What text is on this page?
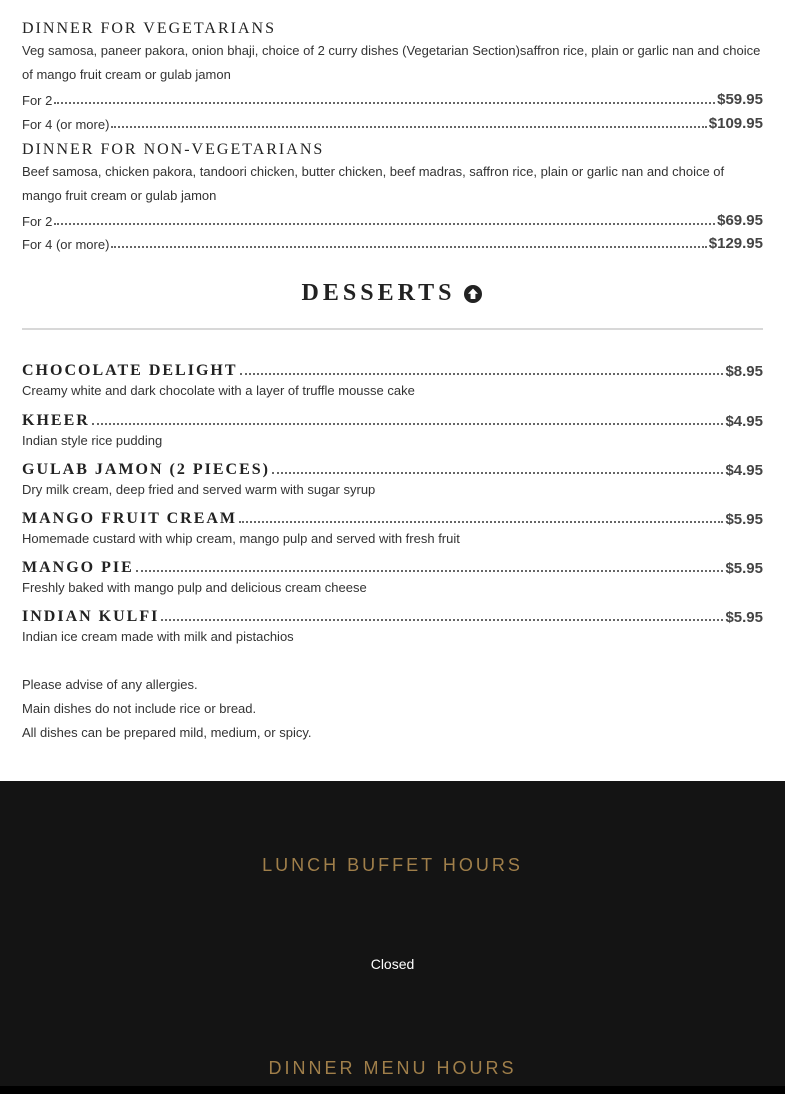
DINNER FOR VEGETARIANS
Veg samosa, paneer pakora, onion bhaji, choice of 2 curry dishes (Vegetarian Section)saffron rice, plain or garlic nan and choice of mango fruit cream or gulab jamon
For 2	$59.95
For 4 (or more)	$109.95
DINNER FOR NON-VEGETARIANS
Beef samosa, chicken pakora, tandoori chicken, butter chicken, beef madras, saffron rice, plain or garlic nan and choice of mango fruit cream or gulab jamon
For 2	$69.95
For 4 (or more)	$129.95
DESSERTS
CHOCOLATE DELIGHT	$8.95
Creamy white and dark chocolate with a layer of truffle mousse cake
KHEER	$4.95
Indian style rice pudding
GULAB JAMON (2 PIECES)	$4.95
Dry milk cream, deep fried and served warm with sugar syrup
MANGO FRUIT CREAM	$5.95
Homemade custard with whip cream, mango pulp and served with fresh fruit
MANGO PIE	$5.95
Freshly baked with mango pulp and delicious cream cheese
INDIAN KULFI	$5.95
Indian ice cream made with milk and pistachios

Please advise of any allergies.

Main dishes do not include rice or bread.

All dishes can be prepared mild, medium, or spicy.

LUNCH BUFFET HOURS
Closed
DINNER MENU HOURS
